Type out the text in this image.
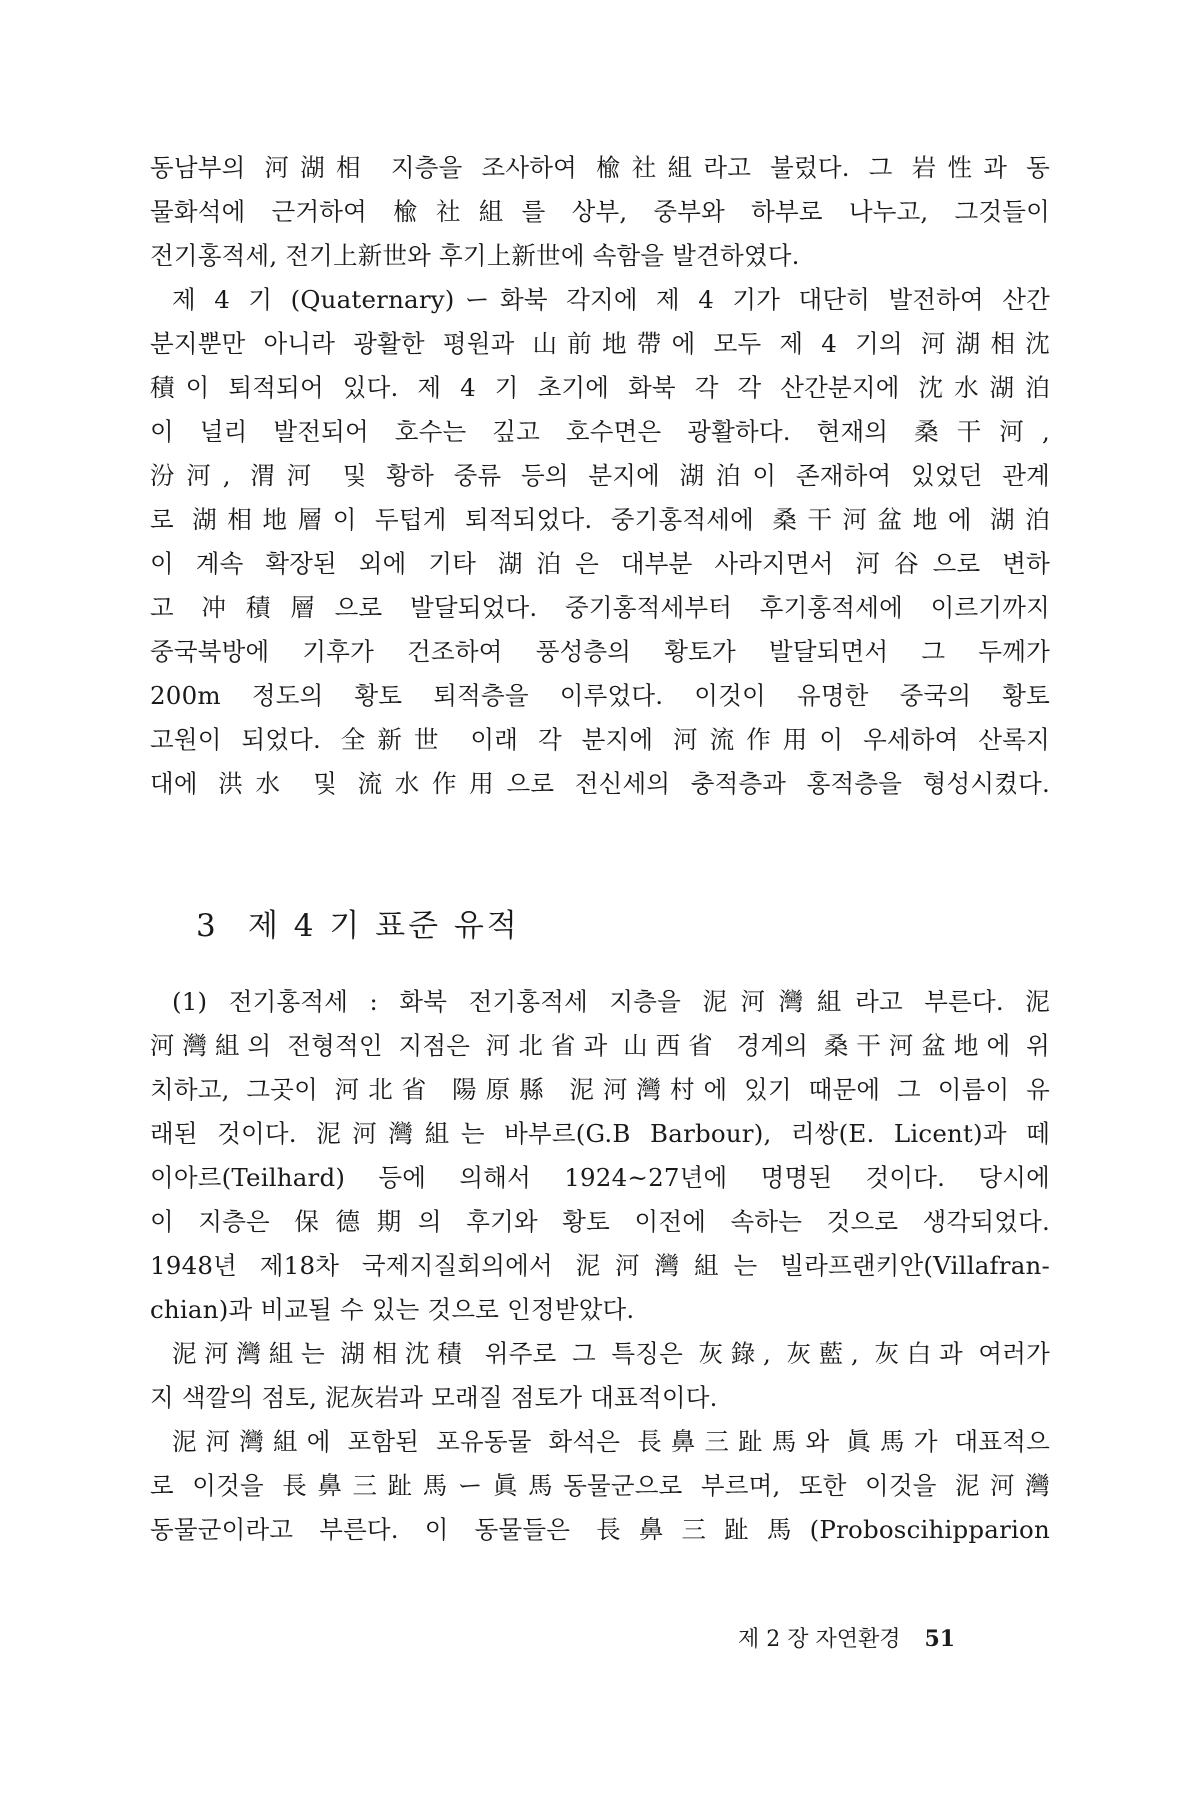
동남부의 河湖相 지층을 조사하여 楡社組라고 불렀다. 그 岩性과 동
물화석에 근거하여 楡社組를 상부, 중부와 하부로 나누고, 그것들이
전기홍적세, 전기上新世와 후기上新世에 속함을 발견하였다.
제 4 기 (Quaternary)ー화북 각지에 제 4 기가 대단히 발전하여 산간
분지뿐만 아니라 광활한 평원과 山前地帶에 모두 제 4 기의 河湖相沈
積이 퇴적되어 있다. 제 4 기 초기에 화북 각 각 산간분지에 沈水湖泊
이 널리 발전되어 호수는 깊고 호수면은 광활하다. 현재의 桑干河,
汾河, 渭河 및 황하 중류 등의 분지에 湖泊이 존재하여 있었던 관계
로 湖相地層이 두텁게 퇴적되었다. 중기홍적세에 桑干河盆地에 湖泊
이 계속 확장된 외에 기타 湖泊은 대부분 사라지면서 河谷으로 변하
고 冲積層으로 발달되었다. 중기홍적세부터 후기홍적세에 이르기까지
중국북방에 기후가 건조하여 풍성층의 황토가 발달되면서 그 두께가
200m 정도의 황토 퇴적층을 이루었다. 이것이 유명한 중국의 황토
고원이 되었다. 全新世 이래 각 분지에 河流作用이 우세하여 산록지
대에 洪水 및 流水作用으로 전신세의 충적층과 홍적층을 형성시켰다.
3 제 4 기 표준 유적
(1) 전기홍적세 : 화북 전기홍적세 지층을 泥河灣組라고 부른다. 泥
河灣組의 전형적인 지점은 河北省과 山西省 경계의 桑干河盆地에 위
치하고, 그곳이 河北省 陽原縣 泥河灣村에 있기 때문에 그 이름이 유
래된 것이다. 泥河灣組는 바부르(G.B Barbour), 리쌍(E. Licent)과 떼
이아르(Teilhard) 등에 의해서 1924~27년에 명명된 것이다. 당시에
이 지층은 保德期의 후기와 황토 이전에 속하는 것으로 생각되었다.
1948년 제18차 국제지질회의에서 泥河灣組는 빌라프랜키안(Villafran-
chian)과 비교될 수 있는 것으로 인정받았다.
泥河灣組는 湖相沈積 위주로 그 특징은 灰錄, 灰藍, 灰白과 여러가
지 색깔의 점토, 泥灰岩과 모래질 점토가 대표적이다.
泥河灣組에 포함된 포유동물 화석은 長鼻三趾馬와 眞馬가 대표적으
로 이것을 長鼻三趾馬ー眞馬동물군으로 부르며, 또한 이것을 泥河灣
동물군이라고 부른다. 이 동물들은 長鼻三趾馬(Proboscihipparion
제 2 장 자연환경 51
